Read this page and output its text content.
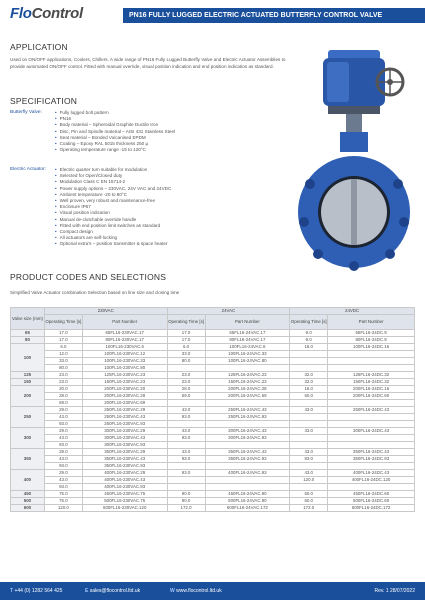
FloControl	PN16 FULLY LUGGED ELECTRIC ACTUATED BUTTERFLY CONTROL VALVE
APPLICATION
Used on ON/OFF applications, Coolers, Chillers. A wide range of PN16 Fully Lugged Butterfly Valve and Electric Actuator Assemblies to provide automated ON/OFF control. Fitted with manual override, visual position indication and end position indication as standard.
SPECIFICATION
Butterfly Valve:	• Fully lugged bolt pattern
• PN16
• Body material – Spheroidal Graphite Ductile Iron
• Disc, Pin and Spindle material – AISI 431 Stainless Steel
• Seat material – Bonded Vulcanised EPDM
• Coating – Epoxy RAL 5015 thickness 250 µ
• Operating temperature range -15 to 120°C
Electric Actuator:	• Electric quarter turn suitable for modulation
• Selected for Open/Closed duty
• Modulation Class C EN 15714-2
• Power supply options – 230VAC, 24V VAC and 24VDC
• Ambient temperature -20 to 80°C
• Well proven, very robust and maintenance-free
• Enclosure IP67
• Visual position indication
• Manual de-clutchable override handle
• Fitted with end position limit switches as standard
• Compact design
• All actuators are self-locking
• Optional extra's – position transmitter & space heater
PRODUCT CODES AND SELECTIONS
Simplified Valve Actuator combination Selection based on line size and closing time
Valve size (mm)	230VAC		24VAC		24VDC	
	Operating Time [s]	Part Number	Operating Time [s]	Part Number	Operating Time [s]	Part Number
65	17.0	65FL16-230VAC.17	17.0	65FL16-24VAC.17	9.0	65FL16-24DC.9
80	17.0	80FL16-230VAC.17	17.0	80FL16-24VAC.17	9.0	80FL16-24DC.9
100	6.0	100FL16-230VAC.6	6.0	100FL16-24VAC.6	16.0	100FL16-24DC.16
	12.0	100FL16-230VAC.12	33.0	100FL16-24VAC.33		
	33.0	100FL16-230VAC.33	80.0	100FL16-24VAC.80		
	80.0	100FL16-230VAC.80				
125	23.0	125FL16-230VAC.23	23.0	125FL16-24VAC.23	32.0	125FL16-24DC.32
150	23.0	150FL16-230VAC.23	23.0	150FL16-24VAC.23	32.0	150FL16-24DC.32
200	20.0	200FL16-230VAC.20	28.0	200FL16-24VAC.28	16.0	200FL16-24DC.16
	28.0	200FL16-230VAC.28	69.0	200FL16-24VAC.69	60.0	200FL16-24DC.60
	69.0	200FL16-230VAC.69				
250	29.0	250FL16-230VAC.29	43.0	250FL16-24VAC.43	43.0	250FL16-24DC.43
	43.0	250FL16-230VAC.43	93.0	250FL16-24VAC.93		
	93.0	250FL16-230VAC.93				
300	29.0	300FL16-230VAC.29	43.0	300FL16-24VAC.43	43.0	300FL16-24DC.43
	43.0	300FL16-230VAC.43	93.0	300FL16-24VAC.93		
	93.0	300FL16-230VAC.93				
350	29.0	350FL16-230VAC.29	43.0	350FL16-24VAC.43	43.0	350FL16-24DC.43
	43.0	350FL16-230VAC.43	93.0	350FL16-24VAC.93	93.0	350FL16-24DC.93
	93.0	350FL16-230VAC.93				
400	29.0	400FL16-230VAC.29	93.0	400FL16-24VAC.93	43.0	400FL16-24DC.43
	43.0	400FL16-230VAC.43			120.0	400FL16-24DC.120
	93.0	400FL16-230VAC.93				
450	75.0	450FL16-230VAC.75	90.0	450FL16-24VAC.90	60.0	450FL16-24DC.60
500	75.0	500FL16-230VAC.75	90.0	500FL16-24VAC.90	60.0	500FL16-24DC.60
600	120.0	600FL16-230VAC.120	172.0	600FL16-24VAC.172	172.0	600FL16-24DC.172
T +44 (0) 1282 564 425	E sales@flocontrol.ltd.uk	W www.flocontrol.ltd.uk	Rev. 1 28/07/2022
